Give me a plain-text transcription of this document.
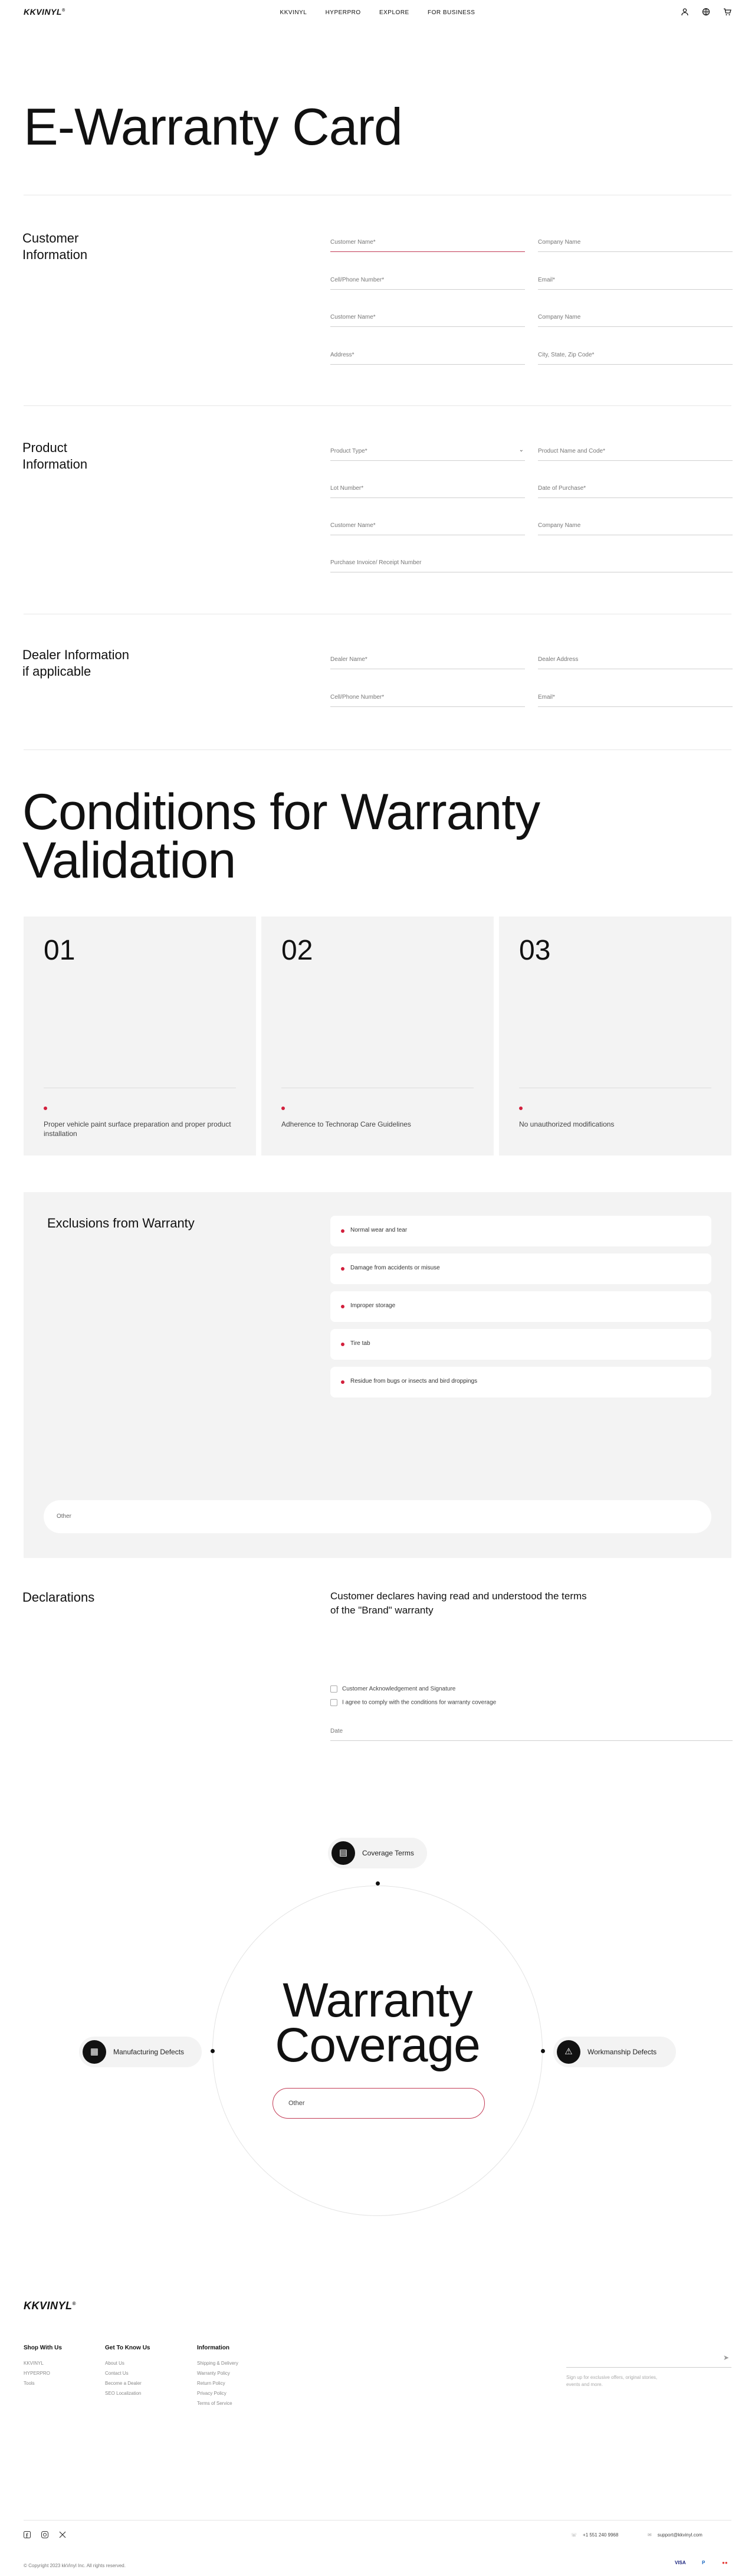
KKVINYL®	KKVINYL	HYPERPRO	EXPLORE	FOR BUSINESS
E-Warranty Card
Customer
Information
Customer Name*	Company Name
Cell/Phone Number*	Email*
Customer Name*	Company Name
Address*	City, State, Zip Code*
Product
Information
Product Type*	⌄ Product Name and Code*
Lot Number*	Date of Purchase*
Customer Name*	Company Name
Purchase Invoice/ Receipt Number
Dealer Information
if applicable
Dealer Name*	Dealer Address
Cell/Phone Number*	Email*
Conditions for Warranty
Validation
01
Proper vehicle paint surface preparation and proper product installation
02
Adherence to Technorap Care Guidelines
03
No unauthorized modifications
Exclusions from Warranty	Normal wear and tear
Damage from accidents or misuse
Improper storage
Tire tab
Residue from bugs or insects and bird droppings
Other
Declarations	Customer declares having read and understood the terms of the "Brand" warranty
Customer Acknowledgement and Signature
I agree to comply with the conditions for warranty coverage
Date
Warranty
Coverage
▤	Coverage Terms
▦	Manufacturing Defects	⚠	Workmanship Defects
Other
KKVINYL®
Shop With Us
KKVINYL
HYPERPRO
Tools
Get To Know Us
About Us
Contact Us
Become a Dealer
SEO Localization
Information
Shipping & Delivery
Warranty Policy
Return Policy
Privacy Policy
Terms of Service
➤
Sign up for exclusive offers, original stories, events and more.
☏ +1 551 240 9968	✉ support@kkvinyl.com
© Copyright 2023 kkVinyl Inc. All rights reserved.
VISA	P	●●
